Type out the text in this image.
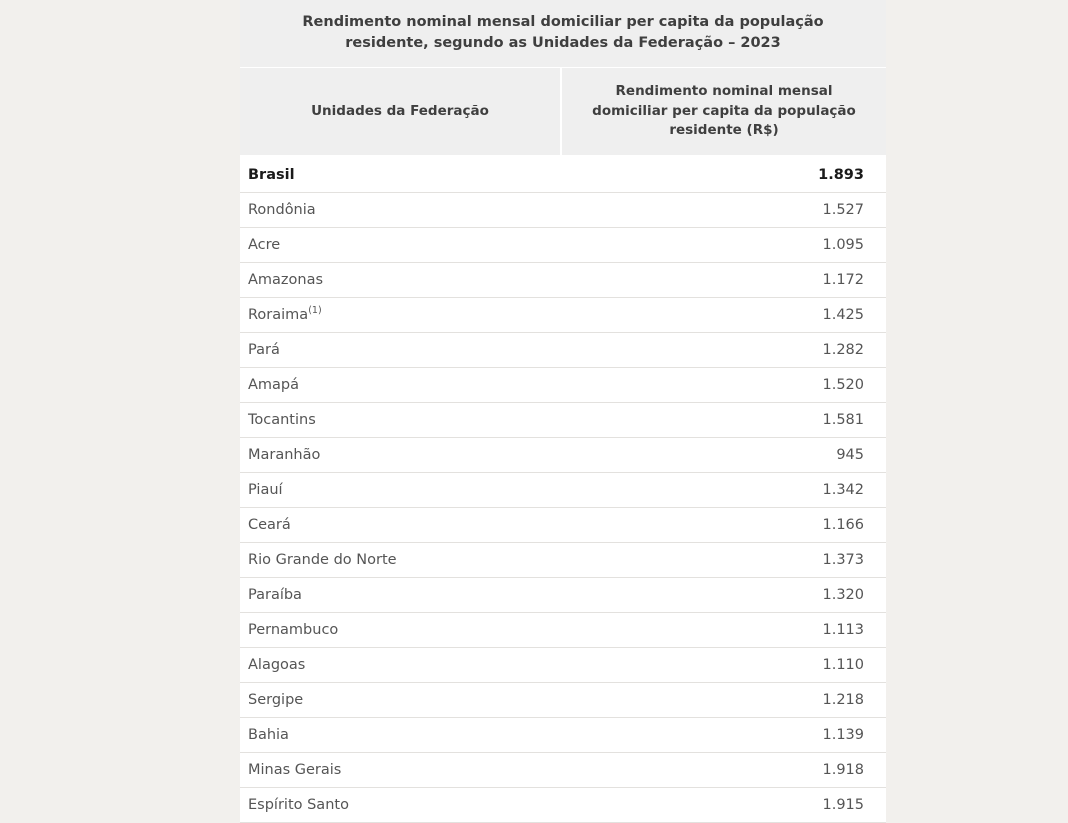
Rendimento nominal mensal domiciliar per capita da população residente, segundo as Unidades da Federação – 2023
Unidades da Federação	Rendimento nominal mensal domiciliar per capita da população residente (R$)
Brasil	1.893
Rondônia	1.527
Acre	1.095
Amazonas	1.172
Roraima$^{(1)}$	1.425
Pará	1.282
Amapá	1.520
Tocantins	1.581
Maranhão	945
Piauí	1.342
Ceará	1.166
Rio Grande do Norte	1.373
Paraíba	1.320
Pernambuco	1.113
Alagoas	1.110
Sergipe	1.218
Bahia	1.139
Minas Gerais	1.918
Espírito Santo	1.915
